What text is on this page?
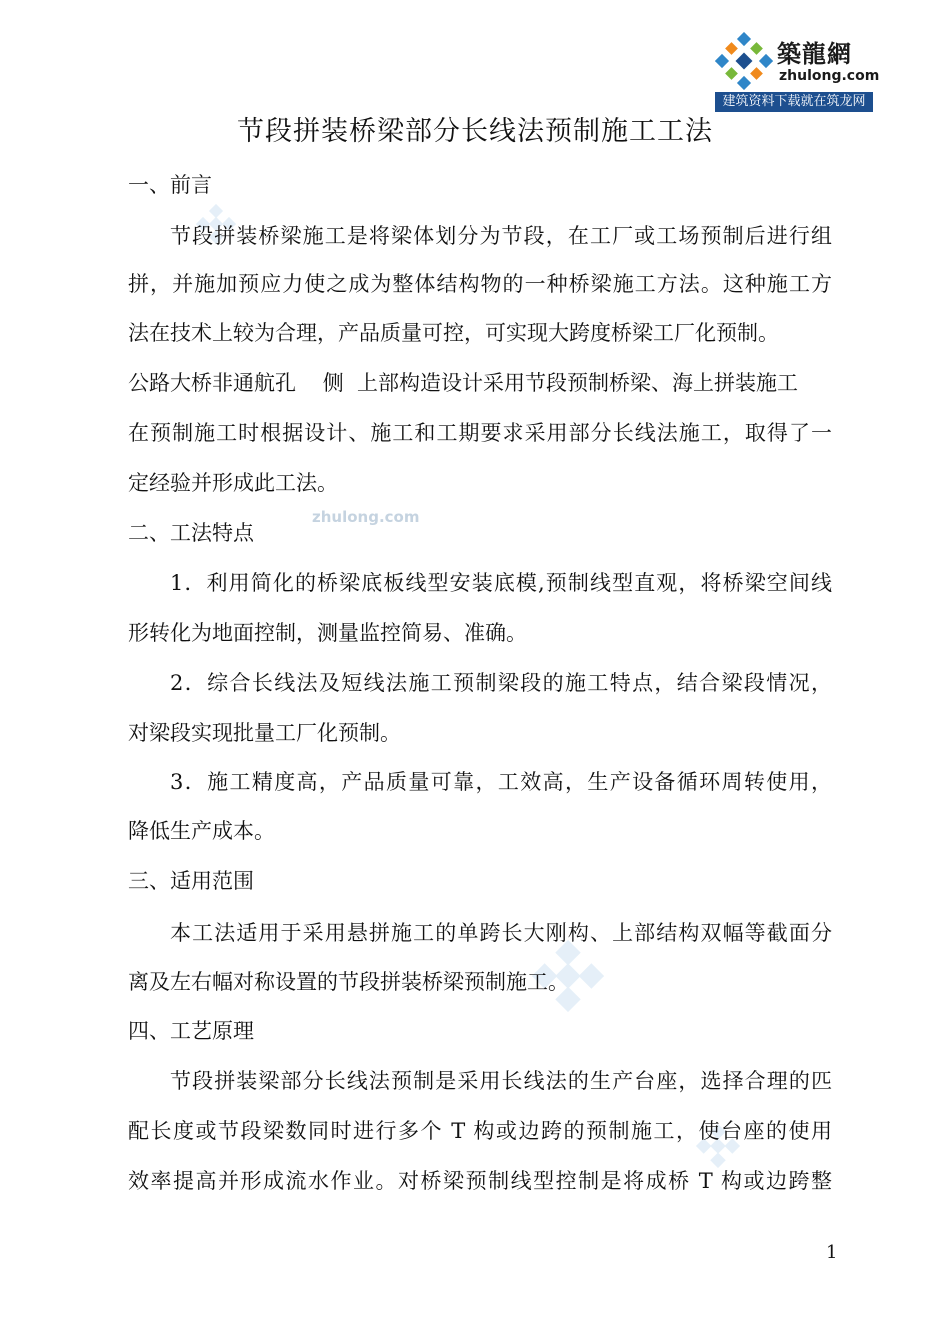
築龍網
zhulong.com
建筑资料下载就在筑龙网
zhulong.com
节段拼装桥梁部分长线法预制施工工法
一、前言
节段拼装桥梁施工是将梁体划分为节段，在工厂或工场预制后进行组
拼，并施加预应力使之成为整体结构物的一种桥梁施工方法。这种施工方
法在技术上较为合理，产品质量可控，可实现大跨度桥梁工厂化预制。
公路大桥非通航孔    侧  上部构造设计采用节段预制桥梁、海上拼装施工
在预制施工时根据设计、施工和工期要求采用部分长线法施工，取得了一
定经验并形成此工法。
二、工法特点
1．利用简化的桥梁底板线型安装底模,预制线型直观，将桥梁空间线
形转化为地面控制，测量监控简易、准确。
2．综合长线法及短线法施工预制梁段的施工特点，结合梁段情况，
对梁段实现批量工厂化预制。
3．施工精度高，产品质量可靠，工效高，生产设备循环周转使用，
降低生产成本。
三、适用范围
本工法适用于采用悬拼施工的单跨长大刚构、上部结构双幅等截面分
离及左右幅对称设置的节段拼装桥梁预制施工。
四、工艺原理
节段拼装梁部分长线法预制是采用长线法的生产台座，选择合理的匹
配长度或节段梁数同时进行多个 T 构或边跨的预制施工，使台座的使用
效率提高并形成流水作业。对桥梁预制线型控制是将成桥 T 构或边跨整
1
